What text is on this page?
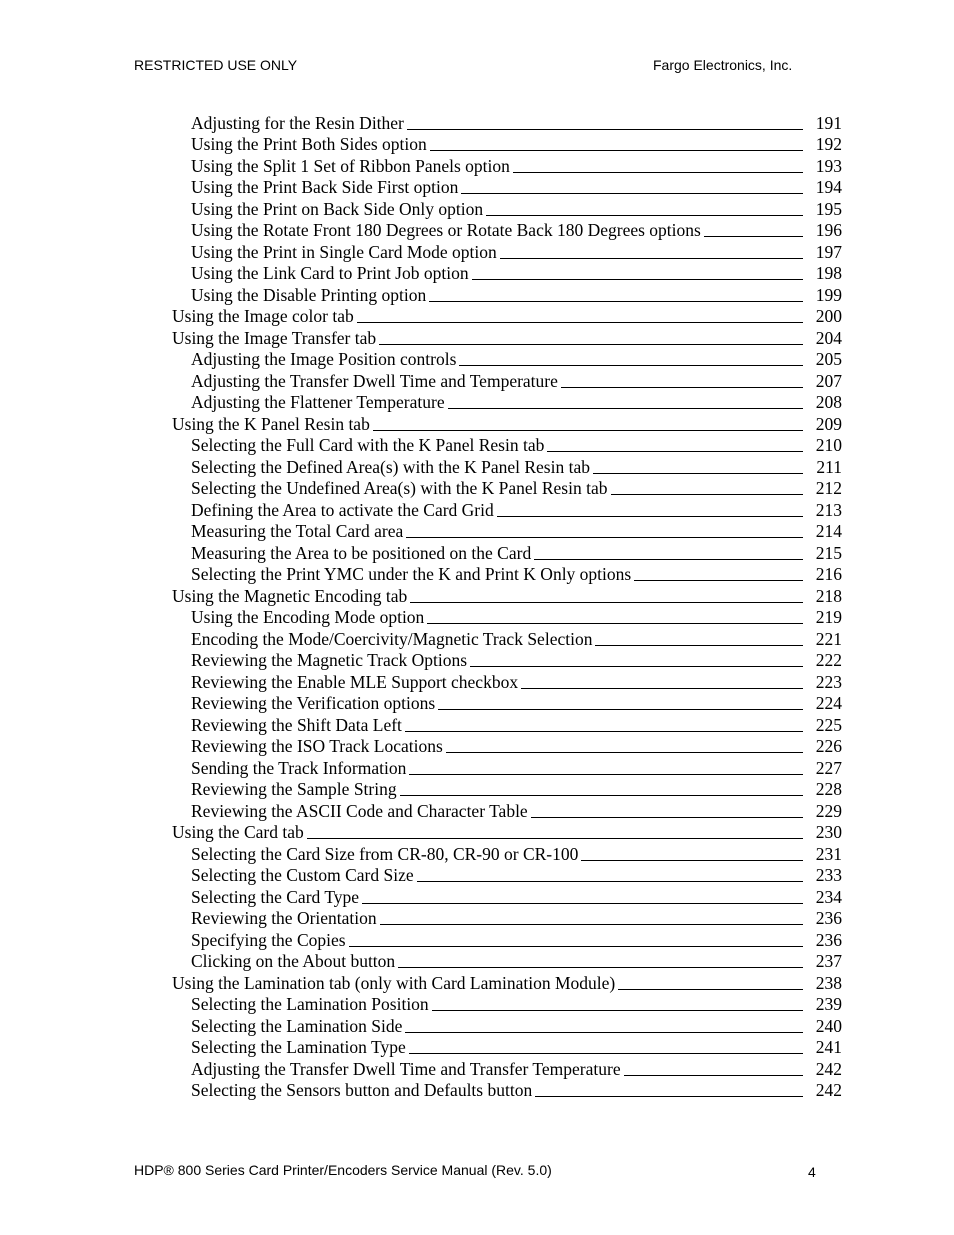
RESTRICTED USE ONLY	Fargo Electronics, Inc.
Adjusting for the Resin Dither	191
Using the Print Both Sides option	192
Using the Split 1 Set of Ribbon Panels option	193
Using the Print Back Side First option	194
Using the Print on Back Side Only option	195
Using the Rotate Front 180 Degrees or Rotate Back 180 Degrees options	196
Using the Print in Single Card Mode option	197
Using the Link Card to Print Job option	198
Using the Disable Printing option	199
Using the Image color tab	200
Using the Image Transfer tab	204
Adjusting the Image Position controls	205
Adjusting the Transfer Dwell Time and Temperature	207
Adjusting the Flattener Temperature	208
Using the K Panel Resin tab	209
Selecting the Full Card with the K Panel Resin tab	210
Selecting the Defined Area(s) with the K Panel Resin tab	211
Selecting the Undefined Area(s) with the K Panel Resin tab	212
Defining the Area to activate the Card Grid	213
Measuring the Total Card area	214
Measuring the Area to be positioned on the Card	215
Selecting the Print YMC under the K and Print K Only options	216
Using the Magnetic Encoding tab	218
Using the Encoding Mode option	219
Encoding the Mode/Coercivity/Magnetic Track Selection	221
Reviewing the Magnetic Track Options	222
Reviewing the Enable MLE Support checkbox	223
Reviewing the Verification options	224
Reviewing the Shift Data Left	225
Reviewing the ISO Track Locations	226
Sending the Track Information	227
Reviewing the Sample String	228
Reviewing the ASCII Code and Character Table	229
Using the Card tab	230
Selecting the Card Size from CR-80, CR-90 or CR-100	231
Selecting the Custom Card Size	233
Selecting the Card Type	234
Reviewing the Orientation	236
Specifying the Copies	236
Clicking on the About button	237
Using the Lamination tab (only with Card Lamination Module)	238
Selecting the Lamination Position	239
Selecting the Lamination Side	240
Selecting the Lamination Type	241
Adjusting the Transfer Dwell Time and Transfer Temperature	242
Selecting the Sensors button and Defaults button	242
HDP® 800 Series Card Printer/Encoders Service Manual (Rev. 5.0)	4
